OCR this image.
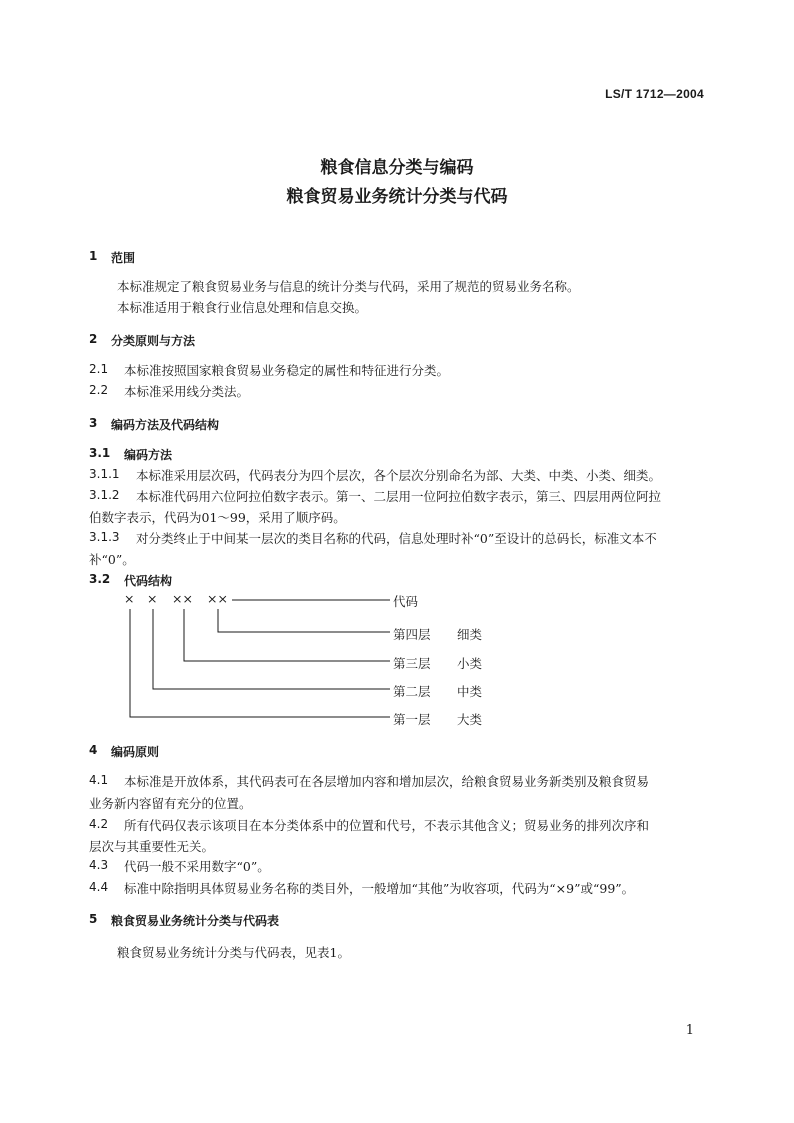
LS/T 1712—2004
粮食信息分类与编码
粮食贸易业务统计分类与代码
1 范围
本标准规定了粮食贸易业务与信息的统计分类与代码，采用了规范的贸易业务名称。
本标准适用于粮食行业信息处理和信息交换。
2 分类原则与方法
2.1 本标准按照国家粮食贸易业务稳定的属性和特征进行分类。
2.2 本标准采用线分类法。
3 编码方法及代码结构
3.1 编码方法
3.1.1 本标准采用层次码，代码表分为四个层次，各个层次分别命名为部、大类、中类、小类、细类。
3.1.2 本标准代码用六位阿拉伯数字表示。第一、二层用一位阿拉伯数字表示，第三、四层用两位阿拉
伯数字表示，代码为01～99，采用了顺序码。
3.1.3 对分类终止于中间某一层次的类目名称的代码，信息处理时补“0”至设计的总码长，标准文本不
补“0”。
3.2 代码结构
× × ×× ××	代码
第四层 细类
第三层 小类
第二层 中类
第一层 大类
4 编码原则
4.1 本标准是开放体系，其代码表可在各层增加内容和增加层次，给粮食贸易业务新类别及粮食贸易
业务新内容留有充分的位置。
4.2 所有代码仅表示该项目在本分类体系中的位置和代号，不表示其他含义；贸易业务的排列次序和
层次与其重要性无关。
4.3 代码一般不采用数字“0”。
4.4 标准中除指明具体贸易业务名称的类目外，一般增加“其他”为收容项，代码为“×9”或“99”。
5 粮食贸易业务统计分类与代码表
粮食贸易业务统计分类与代码表，见表1。
1
